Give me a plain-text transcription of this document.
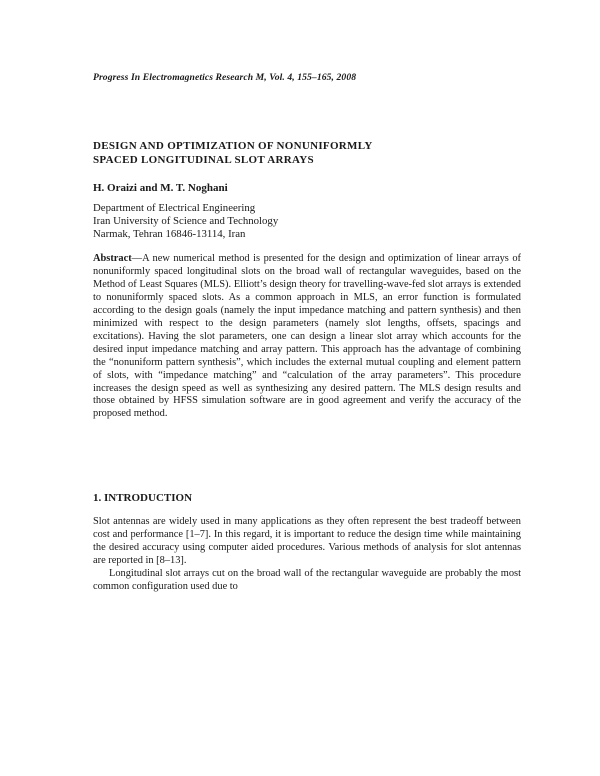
Progress In Electromagnetics Research M, Vol. 4, 155–165, 2008
DESIGN AND OPTIMIZATION OF NONUNIFORMLY
SPACED LONGITUDINAL SLOT ARRAYS
H. Oraizi and M. T. Noghani
Department of Electrical Engineering
Iran University of Science and Technology
Narmak, Tehran 16846-13114, Iran

Abstract—A new numerical method is presented for the design and optimization of linear arrays of nonuniformly spaced longitudinal slots on the broad wall of rectangular waveguides, based on the Method of Least Squares (MLS). Elliott’s design theory for travelling-wave-fed slot arrays is extended to nonuniformly spaced slots. As a common approach in MLS, an error function is formulated according to the design goals (namely the input impedance matching and pattern synthesis) and then minimized with respect to the design parameters (namely slot lengths, offsets, spacings and excitations). Having the slot parameters, one can design a linear slot array which accounts for the desired input impedance matching and array pattern. This approach has the advantage of combining the “nonuniform pattern synthesis”, which includes the external mutual coupling and element pattern of slots, with “impedance matching” and “calculation of the array parameters”. This procedure increases the design speed as well as synthesizing any desired pattern. The MLS design results and those obtained by HFSS simulation software are in good agreement and verify the accuracy of the proposed method.

1. INTRODUCTION

Slot antennas are widely used in many applications as they often represent the best tradeoff between cost and performance [1–7]. In this regard, it is important to reduce the design time while maintaining the desired accuracy using computer aided procedures. Various methods of analysis for slot antennas are reported in [8–13].

Longitudinal slot arrays cut on the broad wall of the rectangular waveguide are probably the most common configuration used due to
